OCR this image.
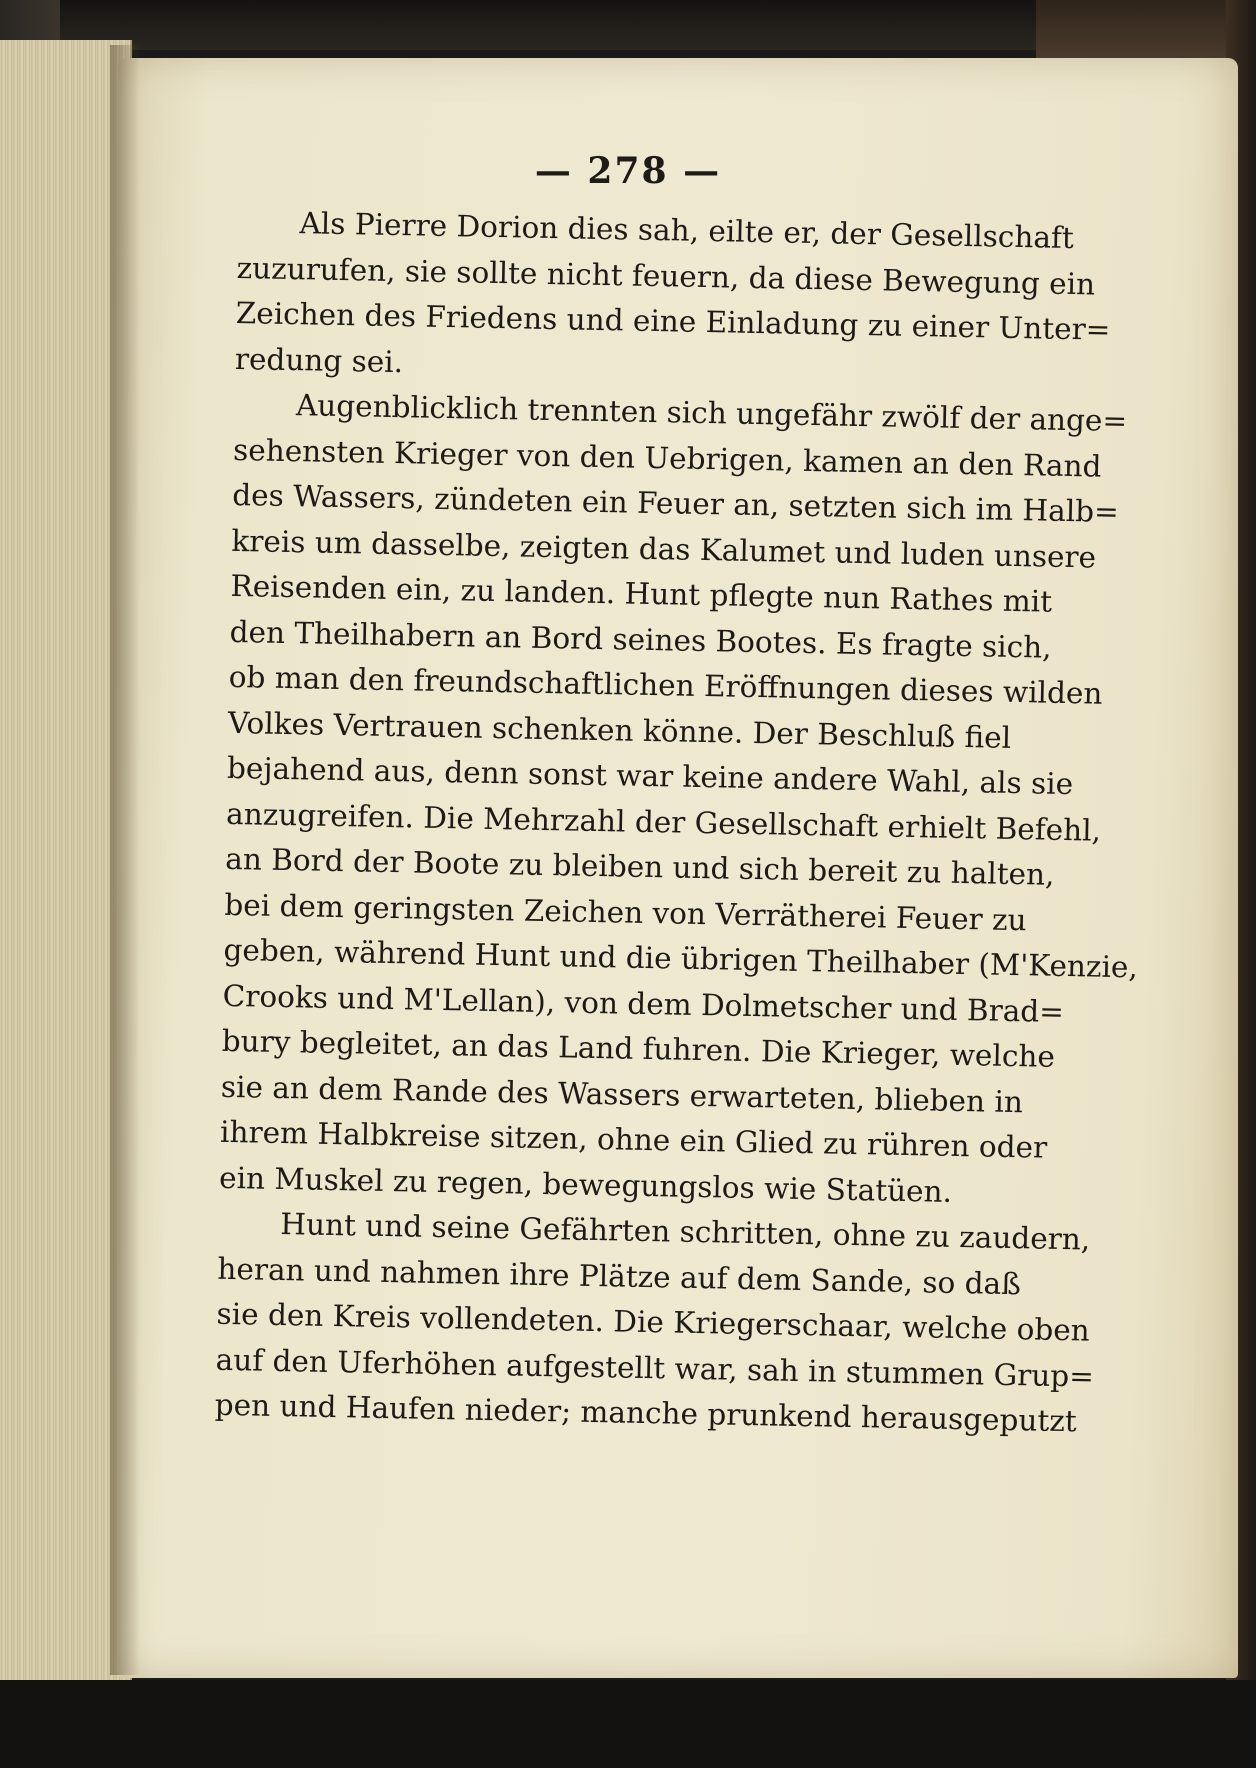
— 278 —
Als Pierre Dorion dies sah, eilte er, der Gesellschaft
zuzurufen, sie sollte nicht feuern, da diese Bewegung ein
Zeichen des Friedens und eine Einladung zu einer Unter=
redung sei.
Augenblicklich trennten sich ungefähr zwölf der ange=
sehensten Krieger von den Uebrigen, kamen an den Rand
des Wassers, zündeten ein Feuer an, setzten sich im Halb=
kreis um dasselbe, zeigten das Kalumet und luden unsere
Reisenden ein, zu landen. Hunt pflegte nun Rathes mit
den Theilhabern an Bord seines Bootes. Es fragte sich,
ob man den freundschaftlichen Eröffnungen dieses wilden
Volkes Vertrauen schenken könne. Der Beschluß fiel
bejahend aus, denn sonst war keine andere Wahl, als sie
anzugreifen. Die Mehrzahl der Gesellschaft erhielt Befehl,
an Bord der Boote zu bleiben und sich bereit zu halten,
bei dem geringsten Zeichen von Verrätherei Feuer zu
geben, während Hunt und die übrigen Theilhaber (M'Kenzie,
Crooks und M'Lellan), von dem Dolmetscher und Brad=
bury begleitet, an das Land fuhren. Die Krieger, welche
sie an dem Rande des Wassers erwarteten, blieben in
ihrem Halbkreise sitzen, ohne ein Glied zu rühren oder
ein Muskel zu regen, bewegungslos wie Statüen.
Hunt und seine Gefährten schritten, ohne zu zaudern,
heran und nahmen ihre Plätze auf dem Sande, so daß
sie den Kreis vollendeten. Die Kriegerschaar, welche oben
auf den Uferhöhen aufgestellt war, sah in stummen Grup=
pen und Haufen nieder; manche prunkend herausgeputzt
